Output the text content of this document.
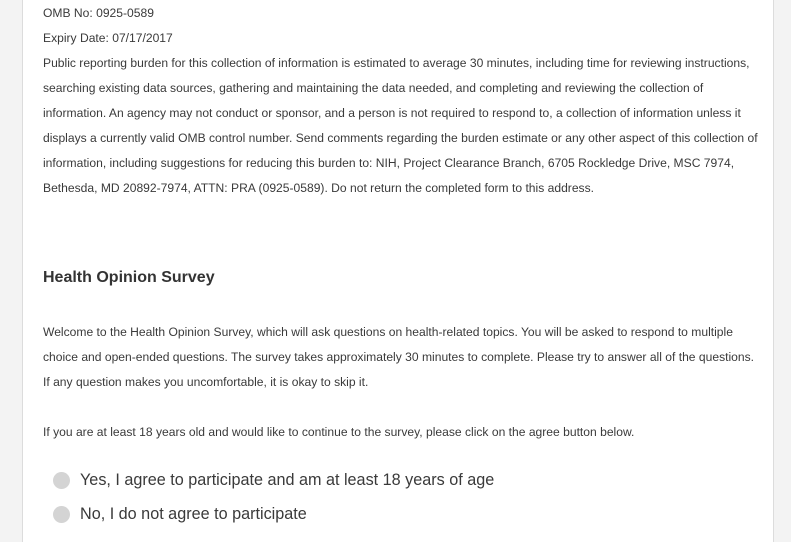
OMB No: 0925-0589

Expiry Date: 07/17/2017

Public reporting burden for this collection of information is estimated to average 30 minutes, including time for reviewing instructions, searching existing data sources, gathering and maintaining the data needed, and completing and reviewing the collection of information. An agency may not conduct or sponsor, and a person is not required to respond to, a collection of information unless it displays a currently valid OMB control number. Send comments regarding the burden estimate or any other aspect of this collection of information, including suggestions for reducing this burden to: NIH, Project Clearance Branch, 6705 Rockledge Drive, MSC 7974, Bethesda, MD 20892-7974, ATTN: PRA (0925-0589). Do not return the completed form to this address.

Health Opinion Survey

Welcome to the Health Opinion Survey, which will ask questions on health-related topics. You will be asked to respond to multiple choice and open-ended questions. The survey takes approximately 30 minutes to complete. Please try to answer all of the questions. If any question makes you uncomfortable, it is okay to skip it.

If you are at least 18 years old and would like to continue to the survey, please click on the agree button below.

Yes, I agree to participate and am at least 18 years of age
No, I do not agree to participate
